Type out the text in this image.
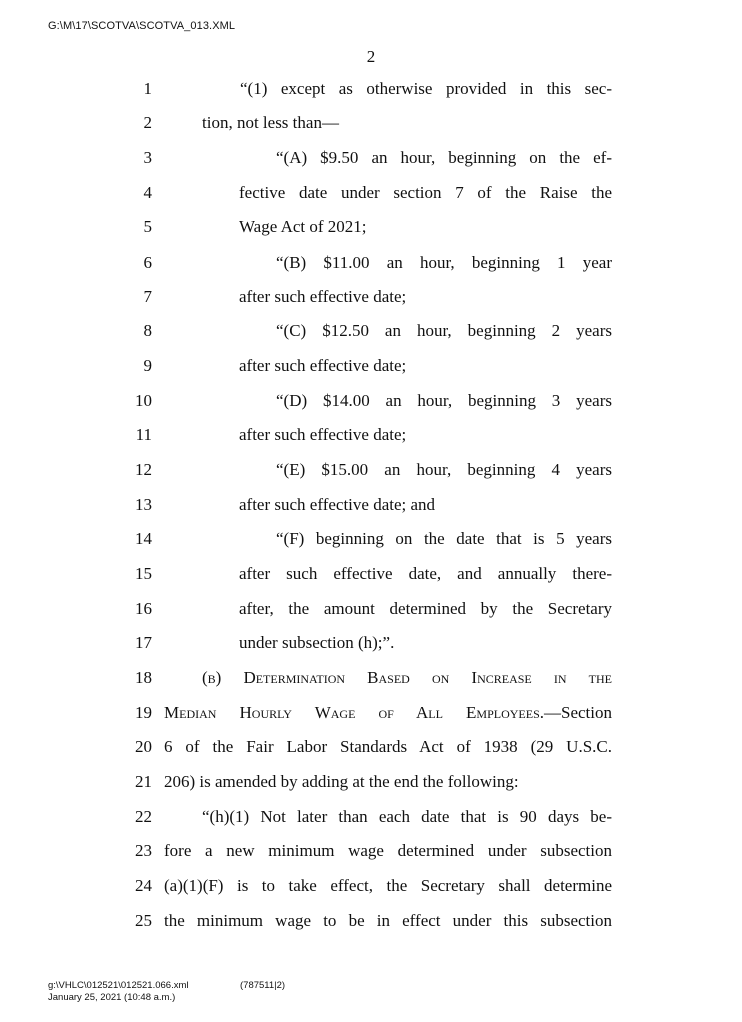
G:\M\17\SCOTVA\SCOTVA_013.XML
2
1	“(1) except as otherwise provided in this sec-
2	tion, not less than—
3	“(A) $9.50 an hour, beginning on the ef-
4	fective date under section 7 of the Raise the
5	Wage Act of 2021;
6	“(B) $11.00 an hour, beginning 1 year
7	after such effective date;
8	“(C) $12.50 an hour, beginning 2 years
9	after such effective date;
10	“(D) $14.00 an hour, beginning 3 years
11	after such effective date;
12	“(E) $15.00 an hour, beginning 4 years
13	after such effective date; and
14	“(F) beginning on the date that is 5 years
15	after such effective date, and annually there-
16	after, the amount determined by the Secretary
17	under subsection (h);”.
18	(b) Determination Based on Increase in the
19 Median Hourly Wage of All Employees.—Section
20 6 of the Fair Labor Standards Act of 1938 (29 U.S.C.
21 206) is amended by adding at the end the following:
22	“(h)(1) Not later than each date that is 90 days be-
23 fore a new minimum wage determined under subsection
24 (a)(1)(F) is to take effect, the Secretary shall determine
25 the minimum wage to be in effect under this subsection
g:\VHLC\012521\012521.066.xml
January 25, 2021 (10:48 a.m.)
(787511|2)
